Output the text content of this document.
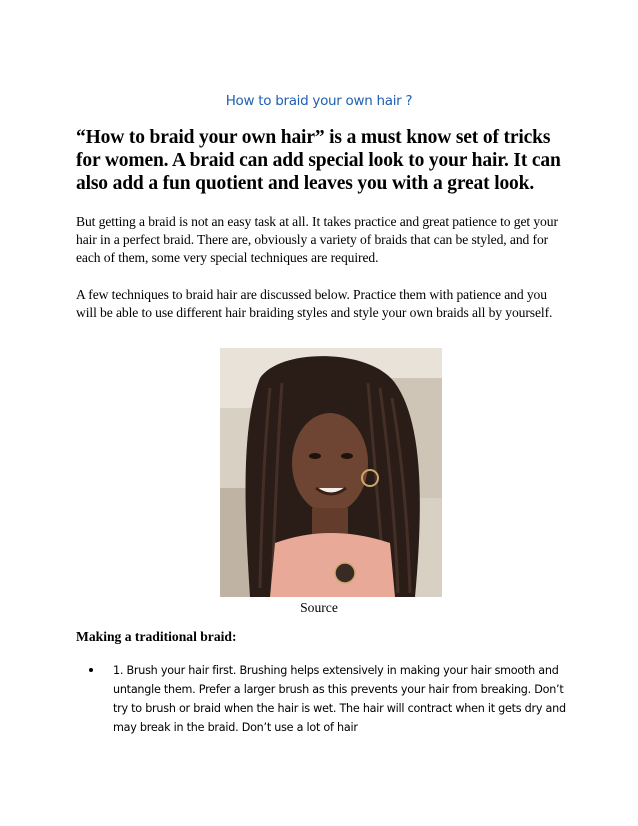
How to braid your own hair ?
“How to braid your own hair” is a must know set of tricks for women. A braid can add special look to your hair. It can also add a fun quotient and leaves you with a great look.
But getting a braid is not an easy task at all. It takes practice and great patience to get your hair in a perfect braid. There are, obviously a variety of braids that can be styled, and for each of them, some very special techniques are required.
A few techniques to braid hair are discussed below. Practice them with patience and you will be able to use different hair braiding styles and style your own braids all by yourself.
Source
Making a traditional braid:
1. Brush your hair first. Brushing helps extensively in making your hair smooth and untangle them. Prefer a larger brush as this prevents your hair from breaking. Don’t try to brush or braid when the hair is wet. The hair will contract when it gets dry and may break in the braid. Don’t use a lot of hair
